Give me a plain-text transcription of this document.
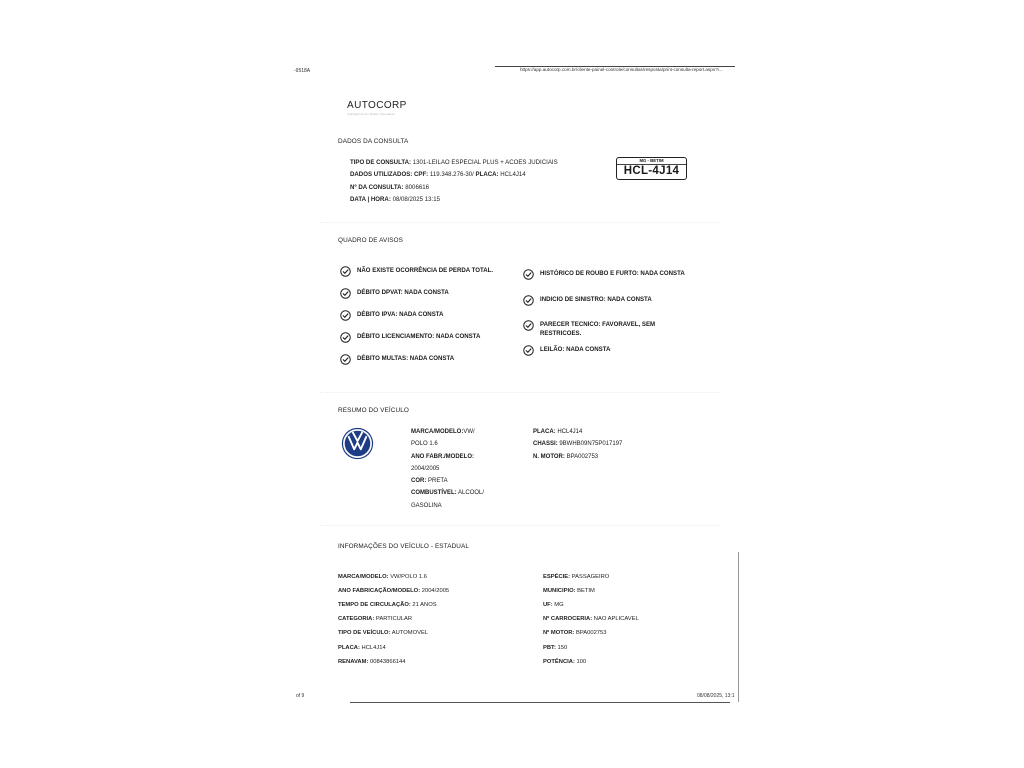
-9518A	https://app.autocorp.com.br/cliente-painel-controle/consultas/resposta/print-consulta-report.aspx?i...
AUTOCORP
Inteligência em Dados Veiculares
DADOS DA CONSULTA
TIPO DE CONSULTA: 1301-LEILAO ESPECIAL PLUS + ACOES JUDICIAIS
DADOS UTILIZADOS: CPF: 119.348.276-30/ PLACA: HCL4J14
Nº DA CONSULTA: 8006616
DATA | HORA: 08/08/2025 13:15
MG - BETIM
HCL-4J14
QUADRO DE AVISOS
NÃO EXISTE OCORRÊNCIA DE PERDA TOTAL.
DÉBITO DPVAT: NADA CONSTA
DÉBITO IPVA: NADA CONSTA
DÉBITO LICENCIAMENTO: NADA CONSTA
DÉBITO MULTAS: NADA CONSTA
HISTÓRICO DE ROUBO E FURTO: NADA CONSTA
INDICIO DE SINISTRO: NADA CONSTA
PARECER TECNICO: FAVORAVEL, SEM RESTRICOES.
LEILÃO: NADA CONSTA
RESUMO DO VEÍCULO
MARCA/MODELO:VW/ POLO 1.6
ANO FABR./MODELO: 2004/2005
COR: PRETA
COMBUSTÍVEL: ALCOOL/ GASOLINA
PLACA: HCL4J14
CHASSI: 9BWHB09N75P017197
N. MOTOR: BPA002753
INFORMAÇÕES DO VEÍCULO - ESTADUAL
MARCA/MODELO: VW/POLO 1.6
ANO FABRICAÇÃO/MODELO: 2004/2005
TEMPO DE CIRCULAÇÃO: 21 ANOS
CATEGORIA: PARTICULAR
TIPO DE VEÍCULO: AUTOMOVEL
PLACA: HCL4J14
RENAVAM: 00843866144
ESPÉCIE: PASSAGEIRO
MUNICIPIO: BETIM
UF: MG
Nº CARROCERIA: NAO APLICAVEL
Nº MOTOR: BPA002753
PBT: 150
POTÊNCIA: 100
of 9	08/08/2025, 13:1
